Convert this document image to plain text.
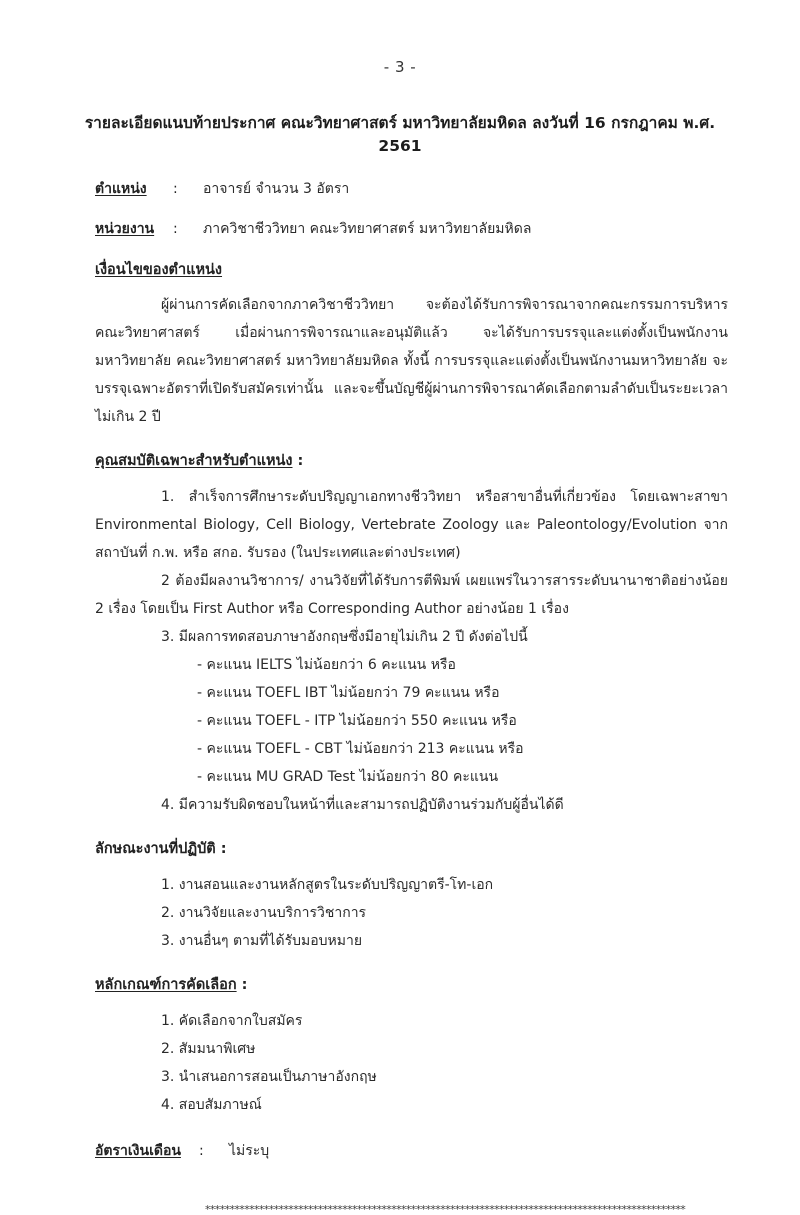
- 3 -
รายละเอียดแนบท้ายประกาศ คณะวิทยาศาสตร์ มหาวิทยาลัยมหิดล ลงวันที่ 16 กรกฎาคม พ.ศ. 2561
ตำแหน่ง	:	อาจารย์ จำนวน 3 อัตรา
หน่วยงาน	:	ภาควิชาชีววิทยา คณะวิทยาศาสตร์ มหาวิทยาลัยมหิดล
เงื่อนไขของตำแหน่ง

ผู้ผ่านการคัดเลือกจากภาควิชาชีววิทยา จะต้องได้รับการพิจารณาจากคณะกรรมการบริหารคณะวิทยาศาสตร์ เมื่อผ่านการพิจารณาและอนุมัติแล้ว จะได้รับการบรรจุและแต่งตั้งเป็นพนักงานมหาวิทยาลัย คณะวิทยาศาสตร์ มหาวิทยาลัยมหิดล ทั้งนี้ การบรรจุและแต่งตั้งเป็นพนักงานมหาวิทยาลัย จะบรรจุเฉพาะอัตราที่เปิดรับสมัครเท่านั้น และจะขึ้นบัญชีผู้ผ่านการพิจารณาคัดเลือกตามลำดับเป็นระยะเวลาไม่เกิน 2 ปี

คุณสมบัติเฉพาะสำหรับตำแหน่ง :
1. สำเร็จการศึกษาระดับปริญญาเอกทางชีววิทยา หรือสาขาอื่นที่เกี่ยวข้อง โดยเฉพาะสาขา Environmental Biology, Cell Biology, Vertebrate Zoology และ Paleontology/Evolution จากสถาบันที่ ก.พ. หรือ สกอ. รับรอง (ในประเทศและต่างประเทศ)
2 ต้องมีผลงานวิชาการ/ งานวิจัยที่ได้รับการตีพิมพ์ เผยแพร่ในวารสารระดับนานาชาติอย่างน้อย 2 เรื่อง โดยเป็น First Author หรือ Corresponding Author อย่างน้อย 1 เรื่อง
3. มีผลการทดสอบภาษาอังกฤษซึ่งมีอายุไม่เกิน 2 ปี ดังต่อไปนี้
- คะแนน IELTS ไม่น้อยกว่า 6 คะแนน หรือ
- คะแนน TOEFL IBT ไม่น้อยกว่า 79 คะแนน หรือ
- คะแนน TOEFL - ITP ไม่น้อยกว่า 550 คะแนน หรือ
- คะแนน TOEFL - CBT ไม่น้อยกว่า 213 คะแนน หรือ
- คะแนน MU GRAD Test ไม่น้อยกว่า 80 คะแนน
4. มีความรับผิดชอบในหน้าที่และสามารถปฏิบัติงานร่วมกับผู้อื่นได้ดี
ลักษณะงานที่ปฏิบัติ :
1. งานสอนและงานหลักสูตรในระดับปริญญาตรี-โท-เอก
2. งานวิจัยและงานบริการวิชาการ
3. งานอื่นๆ ตามที่ได้รับมอบหมาย
หลักเกณฑ์การคัดเลือก :
1. คัดเลือกจากใบสมัคร
2. สัมมนาพิเศษ
3. นำเสนอการสอนเป็นภาษาอังกฤษ
4. สอบสัมภาษณ์
อัตราเงินเดือน	:	ไม่ระบุ
**************************************************************************************************
